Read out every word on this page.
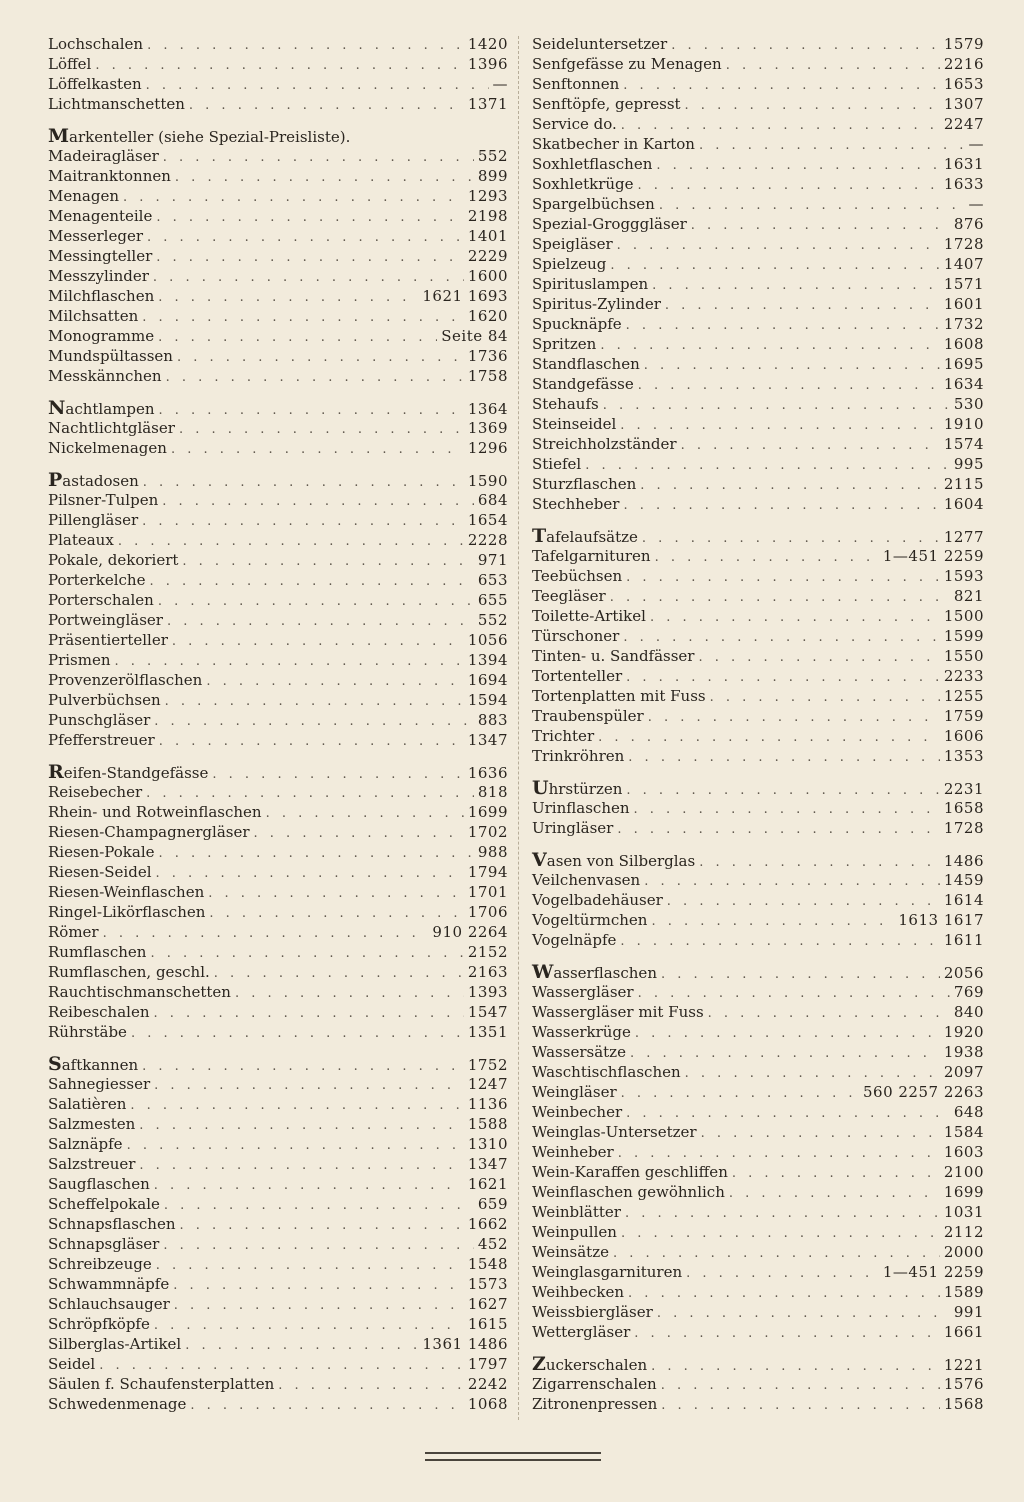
Lochschalen . . .	1420
Löffel . . .	1396
Löffelkasten . . .	—
Lichtmanschetten . . .	1371
Markenteller (siehe Spezial-Preisliste).
Madeiragläser . . .	552
Maitranktonnen . . .	899
Menagen . . .	1293
Menagenteile . . .	2198
Messerleger . . .	1401
Messingteller . . .	2229
Messzylinder . . .	1600
Milchflaschen . . .	1621 1693
Milchsatten . . .	1620
Monogramme . . .	Seite 84
Mundspültassen . . .	1736
Messkännchen . . .	1758
Nachtlampen . . .	1364
Nachtlichtgläser . . .	1369
Nickelmenagen . . .	1296
Pastadosen . . .	1590
Pilsner-Tulpen . . .	684
Pillengläser . . .	1654
Plateaux . . .	2228
Pokale, dekoriert . . .	971
Porterkelche . . .	653
Porterschalen . . .	655
Portweingläser . . .	552
Präsentierteller . . .	1056
Prismen . . .	1394
Provenzerölflaschen . . .	1694
Pulverbüchsen . . .	1594
Punschgläser . . .	883
Pfefferstreuer . . .	1347
Reifen-Standgefässe . . .	1636
Reisebecher . . .	818
Rhein- und Rotweinflaschen . . .	1699
Riesen-Champagnergläser . . .	1702
Riesen-Pokale . . .	988
Riesen-Seidel . . .	1794
Riesen-Weinflaschen . . .	1701
Ringel-Likörflaschen . . .	1706
Römer . . .	910 2264
Rumflaschen . . .	2152
Rumflaschen, geschl. . . .	2163
Rauchtischmanschetten . . .	1393
Reibeschalen . . .	1547
Rührstäbe . . .	1351
Saftkannen . . .	1752
Sahnegiesser . . .	1247
Salatièren . . .	1136
Salzmesten . . .	1588
Salznäpfe . . .	1310
Salzstreuer . . .	1347
Saugflaschen . . .	1621
Scheffelpokale . . .	659
Schnapsflaschen . . .	1662
Schnapsgläser . . .	452
Schreibzeuge . . .	1548
Schwammnäpfe . . .	1573
Schlauchsauger . . .	1627
Schröpfköpfe . . .	1615
Silberglas-Artikel . . .	1361 1486
Seidel . . .	1797
Säulen f. Schaufensterplatten . . .	2242
Schwedenmenage . . .	1068
Seideluntersetzer . . .	1579
Senfgefässe zu Menagen . . .	2216
Senftonnen . . .	1653
Senftöpfe, gepresst . . .	1307
Service do. . . .	2247
Skatbecher in Karton . . .	—
Soxhletflaschen . . .	1631
Soxhletkrüge . . .	1633
Spargelbüchsen . . .	—
Spezial-Grogggläser . . .	876
Speigläser . . .	1728
Spielzeug . . .	1407
Spirituslampen . . .	1571
Spiritus-Zylinder . . .	1601
Spucknäpfe . . .	1732
Spritzen . . .	1608
Standflaschen . . .	1695
Standgefässe . . .	1634
Stehaufs . . .	530
Steinseidel . . .	1910
Streichholzständer . . .	1574
Stiefel . . .	995
Sturzflaschen . . .	2115
Stechheber . . .	1604
Tafelaufsätze . . .	1277
Tafelgarnituren . . .	1—451 2259
Teebüchsen . . .	1593
Teegläser . . .	821
Toilette-Artikel . . .	1500
Türschoner . . .	1599
Tinten- u. Sandfässer . . .	1550
Tortenteller . . .	2233
Tortenplatten mit Fuss . . .	1255
Traubenspüler . . .	1759
Trichter . . .	1606
Trinkröhren . . .	1353
Uhrstürzen . . .	2231
Urinflaschen . . .	1658
Uringläser . . .	1728
Vasen von Silberglas . . .	1486
Veilchenvasen . . .	1459
Vogelbadehäuser . . .	1614
Vogeltürmchen . . .	1613 1617
Vogelnäpfe . . .	1611
Wasserflaschen . . .	2056
Wassergläser . . .	769
Wassergläser mit Fuss . . .	840
Wasserkrüge . . .	1920
Wassersätze . . .	1938
Waschtischflaschen . . .	2097
Weingläser . . .	560 2257 2263
Weinbecher . . .	648
Weinglas-Untersetzer . . .	1584
Weinheber . . .	1603
Wein-Karaffen geschliffen . . .	2100
Weinflaschen gewöhnlich . . .	1699
Weinblätter . . .	1031
Weinpullen . . .	2112
Weinsätze . . .	2000
Weinglasgarnituren . . .	1—451 2259
Weihbecken . . .	1589
Weissbiergläser . . .	991
Wettergläser . . .	1661
Zuckerschalen . . .	1221
Zigarrenschalen . . .	1576
Zitronenpressen . . .	1568
